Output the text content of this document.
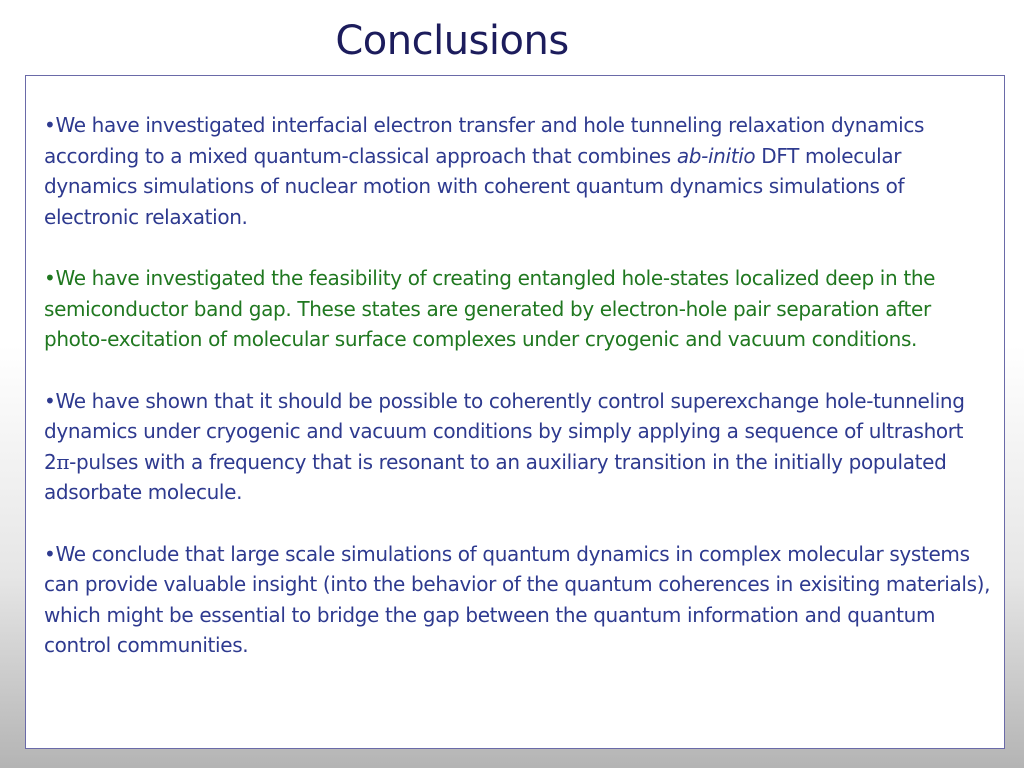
Conclusions

•We have investigated interfacial electron transfer and hole tunneling relaxation dynamics according to a mixed quantum-classical approach that combines ab-initio DFT molecular dynamics simulations of nuclear motion with coherent quantum dynamics simulations of electronic relaxation.

•We have investigated the feasibility of creating entangled hole-states localized deep in the semiconductor band gap. These states are generated by electron-hole pair separation after photo-excitation of molecular surface complexes under cryogenic and vacuum conditions.

•We have shown that it should be possible to coherently control superexchange hole-tunneling dynamics under cryogenic and vacuum conditions by simply applying a sequence of ultrashort 2π-pulses with a frequency that is resonant to an auxiliary transition in the initially populated adsorbate molecule.

•We conclude that large scale simulations of quantum dynamics in complex molecular systems can provide valuable insight (into the behavior of the quantum coherences in exisiting materials), which might be essential to bridge the gap between the quantum information and quantum control communities.
